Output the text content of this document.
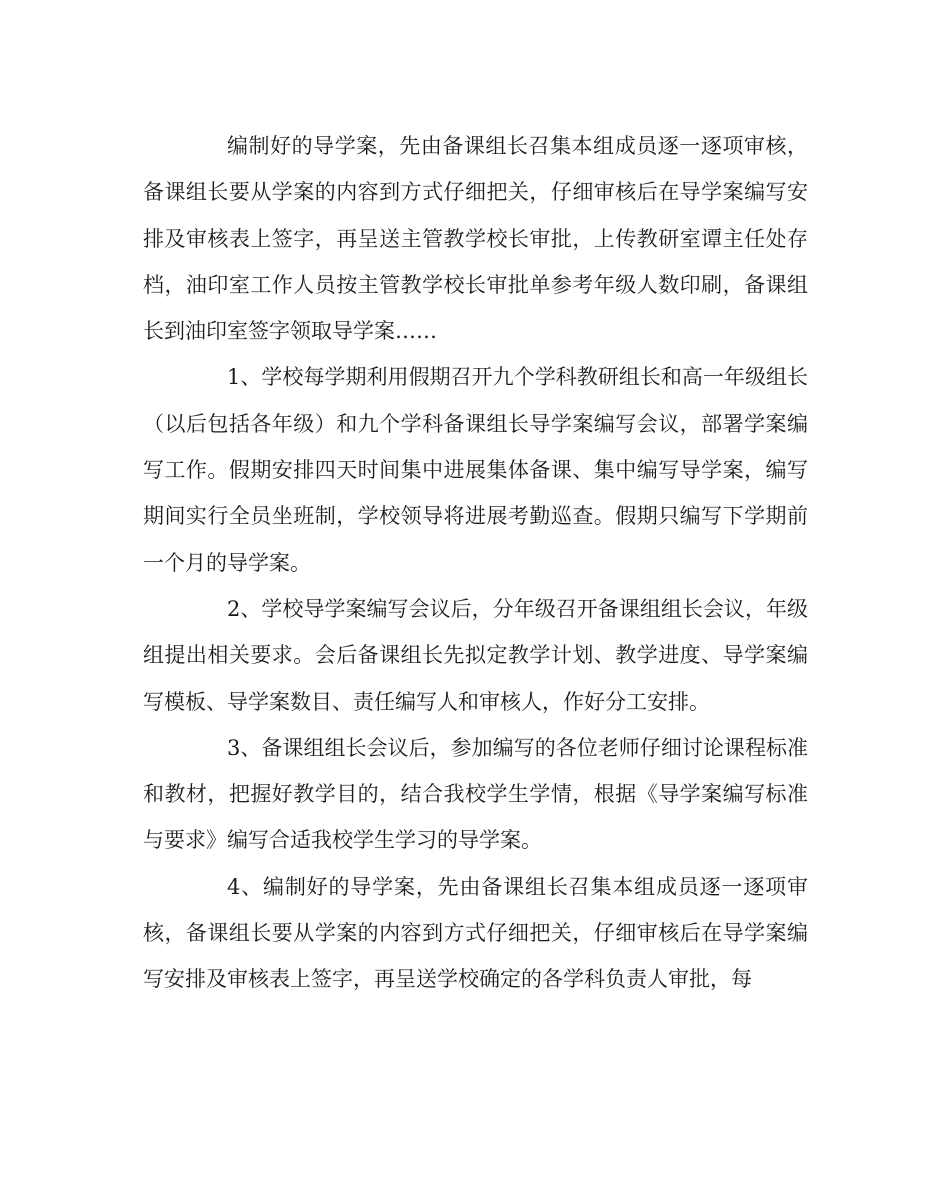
编制好的导学案，先由备课组长召集本组成员逐一逐项审核，备课组长要从学案的内容到方式仔细把关，仔细审核后在导学案编写安排及审核表上签字，再呈送主管教学校长审批，上传教研室谭主任处存档，油印室工作人员按主管教学校长审批单参考年级人数印刷，备课组长到油印室签字领取导学案……

1、学校每学期利用假期召开九个学科教研组长和高一年级组长（以后包括各年级）和九个学科备课组长导学案编写会议，部署学案编写工作。假期安排四天时间集中进展集体备课、集中编写导学案，编写期间实行全员坐班制，学校领导将进展考勤巡查。假期只编写下学期前一个月的导学案。

2、学校导学案编写会议后，分年级召开备课组组长会议，年级组提出相关要求。会后备课组长先拟定教学计划、教学进度、导学案编写模板、导学案数目、责任编写人和审核人，作好分工安排。

3、备课组组长会议后，参加编写的各位老师仔细讨论课程标准和教材，把握好教学目的，结合我校学生学情，根据《导学案编写标准与要求》编写合适我校学生学习的导学案。

4、编制好的导学案，先由备课组长召集本组成员逐一逐项审核，备课组长要从学案的内容到方式仔细把关，仔细审核后在导学案编写安排及审核表上签字，再呈送学校确定的各学科负责人审批，每
